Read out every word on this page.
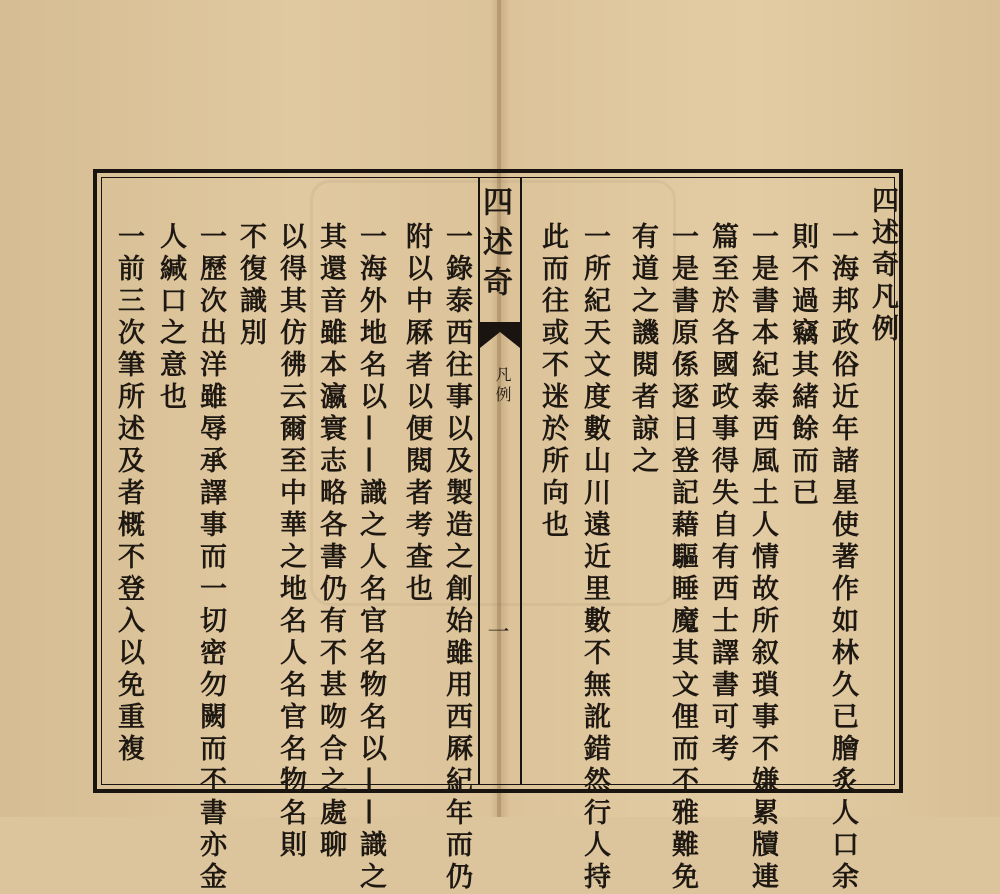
四述奇凡例
一海邦政俗近年諸星使著作如林久已膾炙人口余
則不過竊其緒餘而已
一是書本紀泰西風土人情故所叙瑣事不嫌累牘連
篇至於各國政事得失自有西士譯書可考
一是書原係逐日登記藉驅睡魔其文俚而不雅難免
有道之譏閱者諒之
一所紀天文度數山川遠近里數不無訛錯然行人持
此而往或不迷於所向也
四述奇
凡例
一
一錄泰西往事以及製造之創始雖用西厤紀年而仍
附以中厤者以便閱者考查也
一海外地名以——識之人名官名物名以——識之
其還音雖本瀛寰志略各書仍有不甚吻合之處聊
以得其仿彿云爾至中華之地名人名官名物名則
不復識別
一歷次出洋雖辱承譯事而一切密勿闕而不書亦金
人緘口之意也
一前三次筆所述及者概不登入以免重複
